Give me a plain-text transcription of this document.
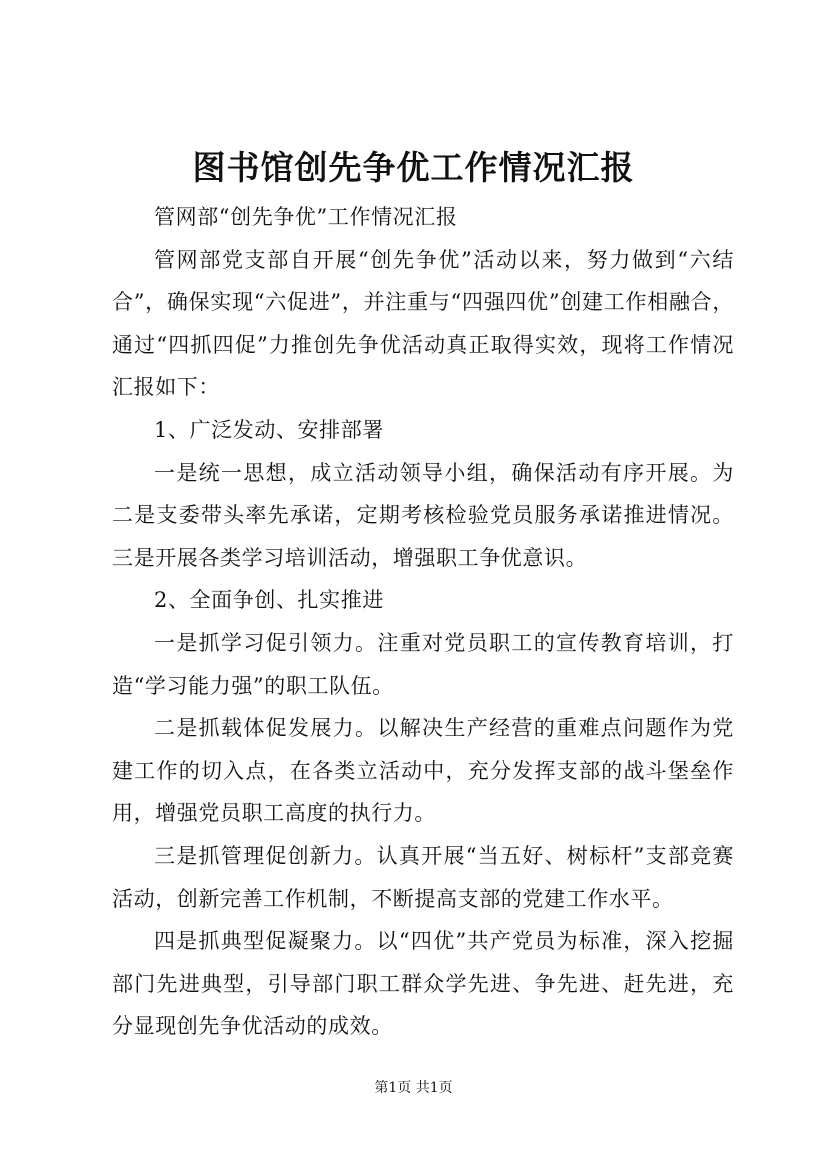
图书馆创先争优工作情况汇报

管网部“创先争优”工作情况汇报

管网部党支部自开展“创先争优”活动以来，努力做到“六结合”，确保实现“六促进”，并注重与“四强四优”创建工作相融合，通过“四抓四促”力推创先争优活动真正取得实效，现将工作情况汇报如下：

1、广泛发动、安排部署

一是统一思想，成立活动领导小组，确保活动有序开展。为二是支委带头率先承诺，定期考核检验党员服务承诺推进情况。三是开展各类学习培训活动，增强职工争优意识。

2、全面争创、扎实推进

一是抓学习促引领力。注重对党员职工的宣传教育培训，打造“学习能力强”的职工队伍。

二是抓载体促发展力。以解决生产经营的重难点问题作为党建工作的切入点，在各类立活动中，充分发挥支部的战斗堡垒作用，增强党员职工高度的执行力。

三是抓管理促创新力。认真开展“当五好、树标杆”支部竞赛活动，创新完善工作机制，不断提高支部的党建工作水平。

四是抓典型促凝聚力。以“四优”共产党员为标准，深入挖掘部门先进典型，引导部门职工群众学先进、争先进、赶先进，充分显现创先争优活动的成效。

第1页 共1页
